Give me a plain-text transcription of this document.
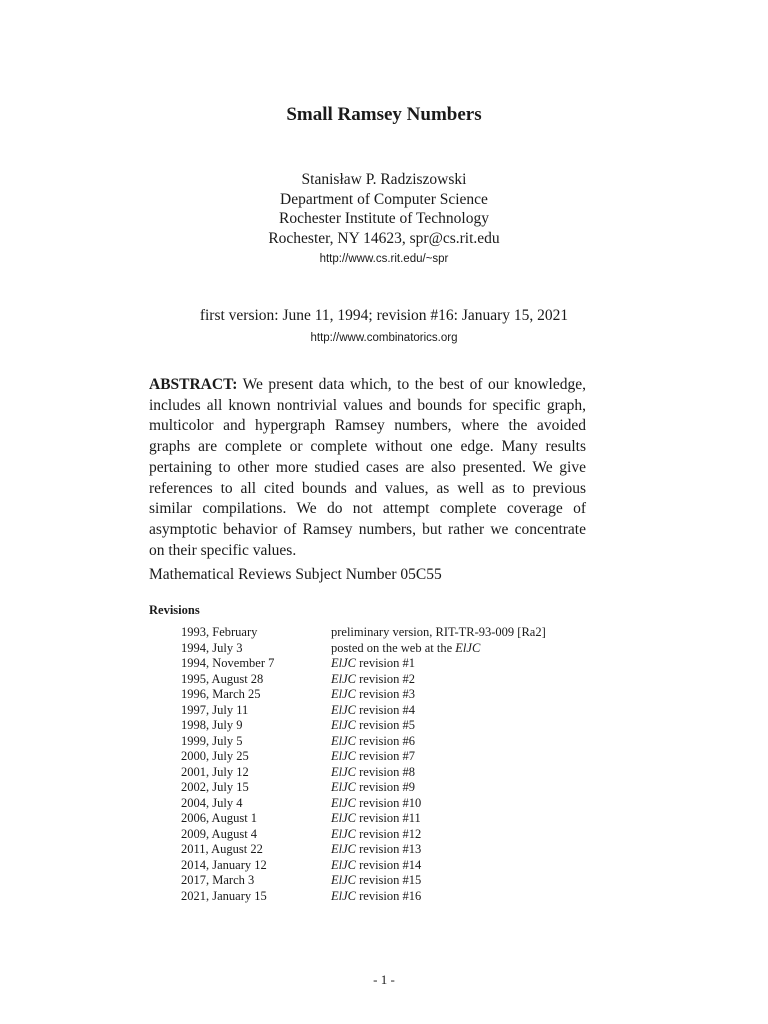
Small Ramsey Numbers
Stanisław P. Radziszowski
Department of Computer Science
Rochester Institute of Technology
Rochester, NY 14623, spr@cs.rit.edu
http://www.cs.rit.edu/~spr
first version: June 11, 1994; revision #16: January 15, 2021
http://www.combinatorics.org
ABSTRACT: We present data which, to the best of our knowledge, includes all known nontrivial values and bounds for specific graph, multicolor and hypergraph Ramsey numbers, where the avoided graphs are complete or complete without one edge. Many results pertaining to other more studied cases are also presented. We give references to all cited bounds and values, as well as to previous similar compilations. We do not attempt complete coverage of asymptotic behavior of Ramsey numbers, but rather we concentrate on their specific values.
Mathematical Reviews Subject Number 05C55
Revisions
1993, February	preliminary version, RIT-TR-93-009 [Ra2]
1994, July 3	posted on the web at the ElJC
1994, November 7	ElJC revision #1
1995, August 28	ElJC revision #2
1996, March 25	ElJC revision #3
1997, July 11	ElJC revision #4
1998, July 9	ElJC revision #5
1999, July 5	ElJC revision #6
2000, July 25	ElJC revision #7
2001, July 12	ElJC revision #8
2002, July 15	ElJC revision #9
2004, July 4	ElJC revision #10
2006, August 1	ElJC revision #11
2009, August 4	ElJC revision #12
2011, August 22	ElJC revision #13
2014, January 12	ElJC revision #14
2017, March 3	ElJC revision #15
2021, January 15	ElJC revision #16
- 1 -
